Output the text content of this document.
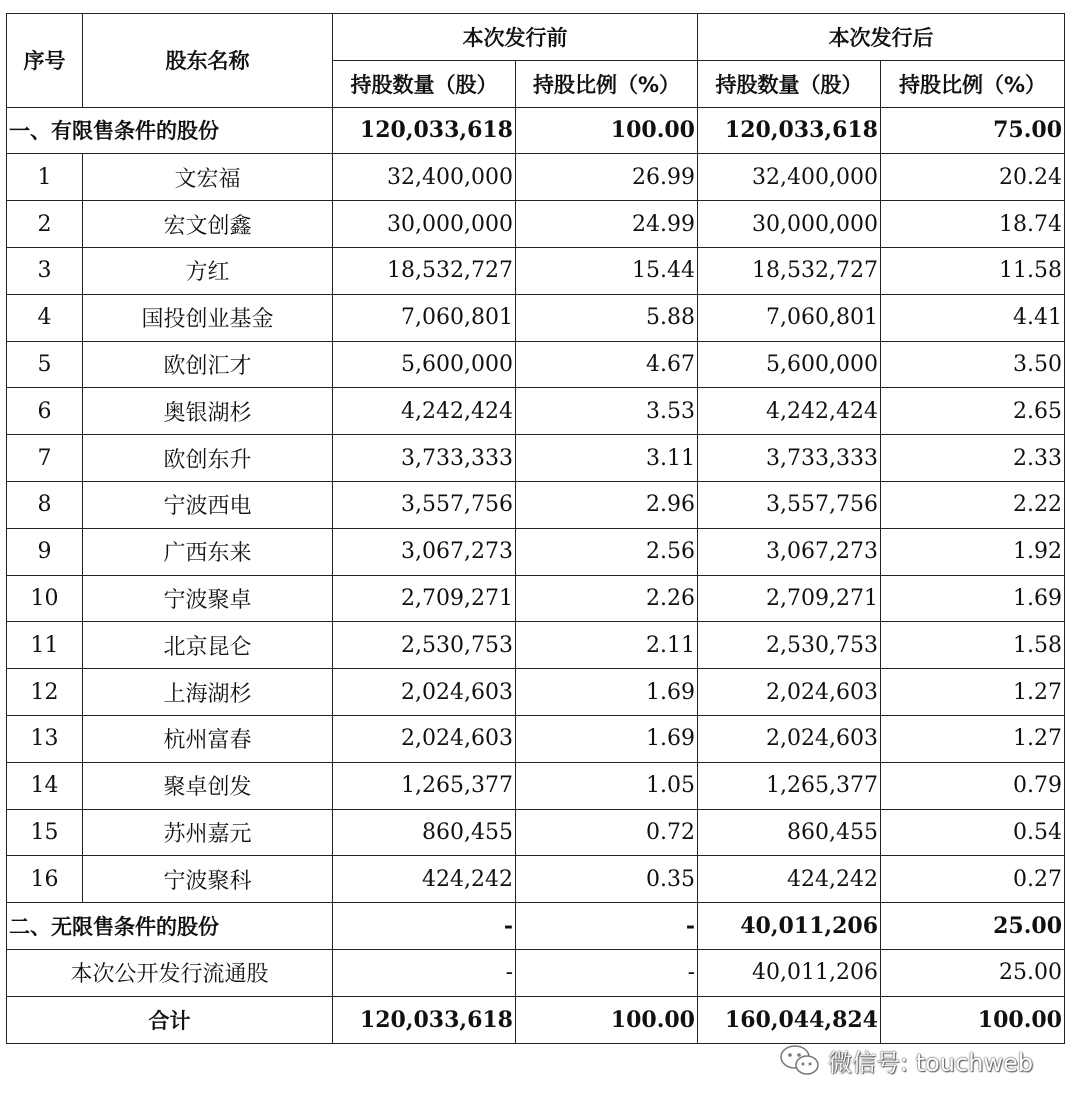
序号	股东名称	本次发行前		本次发行后	
		持股数量（股）	持股比例（%）	持股数量（股）	持股比例（%）
一、有限售条件的股份		120,033,618	100.00	120,033,618	75.00
1	文宏福	32,400,000	26.99	32,400,000	20.24
2	宏文创鑫	30,000,000	24.99	30,000,000	18.74
3	方红	18,532,727	15.44	18,532,727	11.58
4	国投创业基金	7,060,801	5.88	7,060,801	4.41
5	欧创汇才	5,600,000	4.67	5,600,000	3.50
6	奥银湖杉	4,242,424	3.53	4,242,424	2.65
7	欧创东升	3,733,333	3.11	3,733,333	2.33
8	宁波西电	3,557,756	2.96	3,557,756	2.22
9	广西东来	3,067,273	2.56	3,067,273	1.92
10	宁波聚卓	2,709,271	2.26	2,709,271	1.69
11	北京昆仑	2,530,753	2.11	2,530,753	1.58
12	上海湖杉	2,024,603	1.69	2,024,603	1.27
13	杭州富春	2,024,603	1.69	2,024,603	1.27
14	聚卓创发	1,265,377	1.05	1,265,377	0.79
15	苏州嘉元	860,455	0.72	860,455	0.54
16	宁波聚科	424,242	0.35	424,242	0.27
二、无限售条件的股份		-	-	40,011,206	25.00
本次公开发行流通股		-	-	40,011,206	25.00
合计		120,033,618	100.00	160,044,824	100.00
微信号: touchweb
